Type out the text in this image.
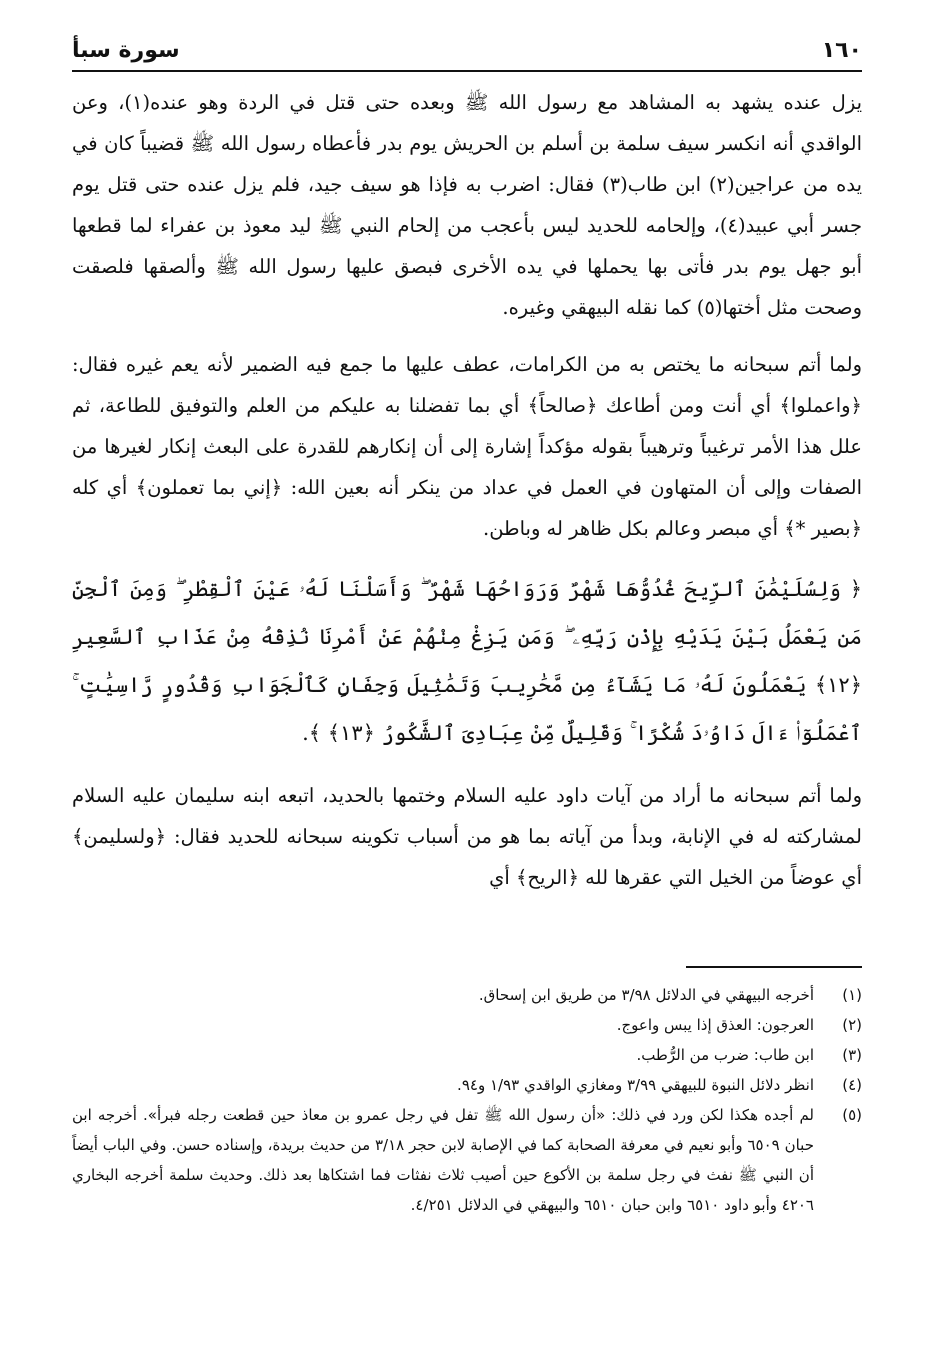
١٦٠
سورة سبأ

يزل عنده يشهد به المشاهد مع رسول الله ﷺ وبعده حتى قتل في الردة وهو عنده(١)، وعن الواقدي أنه انكسر سيف سلمة بن أسلم بن الحريش يوم بدر فأعطاه رسول الله ﷺ قضيباً كان في يده من عراجين(٢) ابن طاب(٣) فقال: اضرب به فإذا هو سيف جيد، فلم يزل عنده حتى قتل يوم جسر أبي عبيد(٤)، وإلحامه للحديد ليس بأعجب من إلحام النبي ﷺ ليد معوذ بن عفراء لما قطعها أبو جهل يوم بدر فأتى بها يحملها في يده الأخرى فبصق عليها رسول الله ﷺ وألصقها فلصقت وصحت مثل أختها(٥) كما نقله البيهقي وغيره.

ولما أتم سبحانه ما يختص به من الكرامات، عطف عليها ما جمع فيه الضمير لأنه يعم غيره فقال: ﴿واعملوا﴾ أي أنت ومن أطاعك ﴿صالحاً﴾ أي بما تفضلنا به عليكم من العلم والتوفيق للطاعة، ثم علل هذا الأمر ترغيباً وترهيباً بقوله مؤكداً إشارة إلى أن إنكارهم للقدرة على البعث إنكار لغيرها من الصفات وإلى أن المتهاون في العمل في عداد من ينكر أنه بعين الله: ﴿إني بما تعملون﴾ أي كله ﴿بصير *﴾ أي مبصر وعالم بكل ظاهر له وباطن.

﴿ وَلِسُلَيْمَٰنَ ٱلرِّيحَ غُدُوُّهَا شَهْرٌ وَرَوَاحُهَا شَهْرٌ ۖ وَأَسَلْنَا لَهُۥ عَيْنَ ٱلْقِطْرِ ۖ وَمِنَ ٱلْجِنِّ مَن يَعْمَلُ بَيْنَ يَدَيْهِ بِإِذْنِ رَبِّهِۦ ۖ وَمَن يَزِغْ مِنْهُمْ عَنْ أَمْرِنَا نُذِقْهُ مِنْ عَذَابِ ٱلسَّعِيرِ ﴿١٢﴾ يَعْمَلُونَ لَهُۥ مَا يَشَآءُ مِن مَّحَٰرِيبَ وَتَمَٰثِيلَ وَجِفَانٍ كَٱلْجَوَابِ وَقُدُورٍ رَّاسِيَٰتٍ ۚ ٱعْمَلُوٓا۟ ءَالَ دَاوُۥدَ شُكْرًا ۚ وَقَلِيلٌ مِّنْ عِبَادِىَ ٱلشَّكُورُ ﴿١٣﴾ ﴾.

ولما أتم سبحانه ما أراد من آيات داود عليه السلام وختمها بالحديد، اتبعه ابنه سليمان عليه السلام لمشاركته له في الإنابة، وبدأ من آياته بما هو من أسباب تكوينه سبحانه للحديد فقال: ﴿ولسليمن﴾ أي عوضاً من الخيل التي عقرها لله ﴿الريح﴾ أي

(١)
أخرجه البيهقي في الدلائل ٣/٩٨ من طريق ابن إسحاق.
(٢)
العرجون: العذق إذا يبس واعوج.
(٣)
ابن طاب: ضرب من الرُّطب.
(٤)
انظر دلائل النبوة للبيهقي ٣/٩٩ ومغازي الواقدي ١/٩٣ و٩٤.
(٥)
لم أجده هكذا لكن ورد في ذلك: «أن رسول الله ﷺ تفل في رجل عمرو بن معاذ حين قطعت رجله فبرأ». أخرجه ابن حبان ٦٥٠٩ وأبو نعيم في معرفة الصحابة كما في الإصابة لابن حجر ٣/١٨ من حديث بريدة، وإسناده حسن. وفي الباب أيضاً أن النبي ﷺ نفث في رجل سلمة بن الأكوع حين أصيب ثلاث نفثات فما اشتكاها بعد ذلك. وحديث سلمة أخرجه البخاري ٤٢٠٦ وأبو داود ٦٥١٠ وابن حبان ٦٥١٠ والبيهقي في الدلائل ٤/٢٥١.
